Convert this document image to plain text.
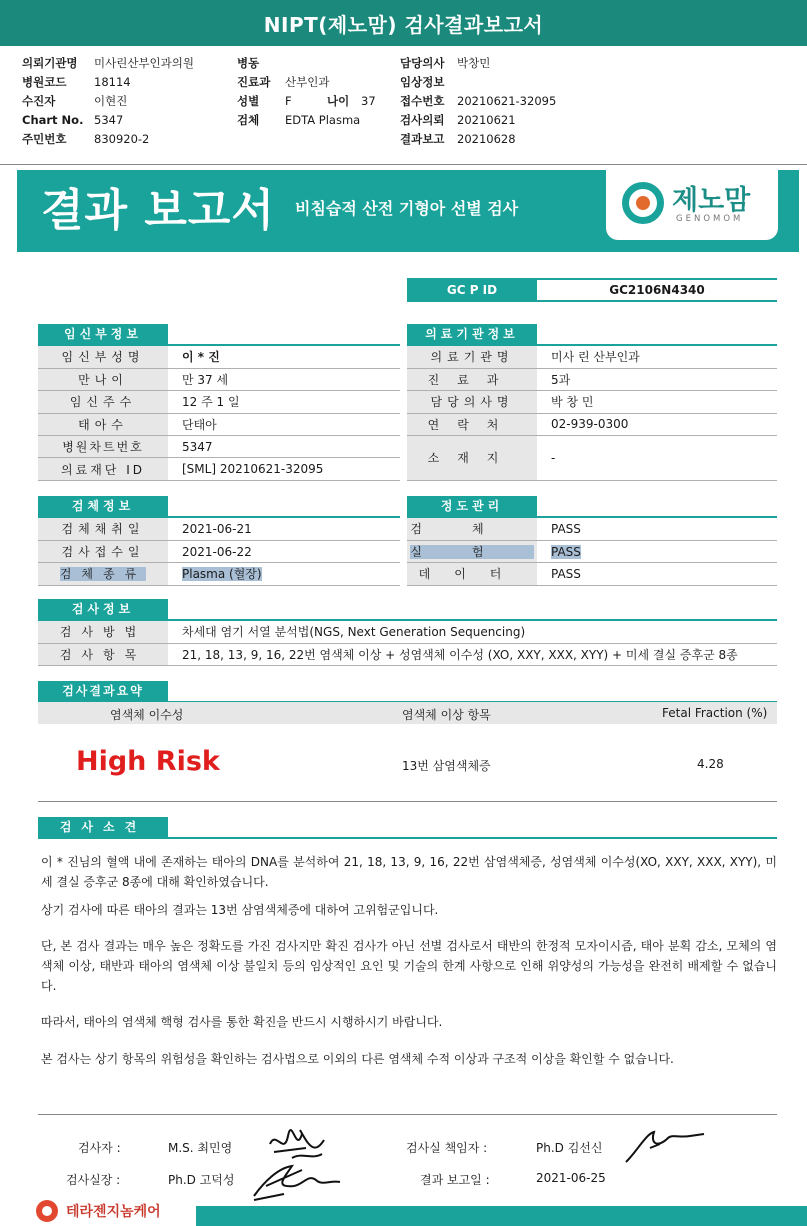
NIPT(제노맘) 검사결과보고서
의뢰기관명 미사린산부인과의원
병원코드 18114
수진자	이현진
Chart No. 5347
주민번호 830920-2
병동
진료과 산부인과
성별 F	나이 37
검체 EDTA Plasma
담당의사 박창민
임상정보
접수번호 20210621-32095
검사의뢰 20210621
결과보고 20210628
결과 보고서 비침습적 산전 기형아 선별 검사	제노맘
GENOMOM
GC P ID	GC2106N4340
임신부정보
임신부성명	이 * 진
만나이	만 37 세
임신주수	12 주 1 일
태아수	단태아
병원차트번호	5347
의료재단 ID	[SML] 20210621-32095
의료기관정보
의료기관명	미사 린 산부인과
진료과	5과
담당의사명	박 창 민
연락처	02-939-0300
소재지	-
검체정보
검체채취일	2021-06-21
검사접수일	2021-06-22
검체종류	Plasma (혈장)
정도관리
검체	PASS
실험	PASS
데이터	PASS
검사정보
검사방법	차세대 염기 서열 분석법(NGS, Next Generation Sequencing)
검사항목	21, 18, 13, 9, 16, 22번 염색체 이상 + 성염색체 이수성 (XO, XXY, XXX, XYY) + 미세 결실 증후군 8종
검사결과요약
염색체 이수성	염색체 이상 항목	Fetal Fraction (%)
High Risk	13번 삼염색체증	4.28
검사소견
이 * 진님의 혈액 내에 존재하는 태아의 DNA를 분석하여 21, 18, 13, 9, 16, 22번 삼염색체증, 성염색체 이수성(XO, XXY, XXX, XYY), 미세 결실 증후군 8종에 대해 확인하였습니다.
상기 검사에 따른 태아의 결과는 13번 삼염색체증에 대하여 고위험군입니다.
단, 본 검사 결과는 매우 높은 정확도를 가진 검사지만 확진 검사가 아닌 선별 검사로서 태반의 한정적 모자이시즘, 태아 분획 감소, 모체의 염색체 이상, 태반과 태아의 염색체 이상 불일치 등의 임상적인 요인 및 기술의 한계 사항으로 인해 위양성의 가능성을 완전히 배제할 수 없습니다.
따라서, 태아의 염색체 핵형 검사를 통한 확진을 반드시 시행하시기 바랍니다.
본 검사는 상기 항목의 위험성을 확인하는 검사법으로 이외의 다른 염색체 수적 이상과 구조적 이상을 확인할 수 없습니다.
검사자 :	M.S. 최민영	검사실 책임자 :	Ph.D 김선신
검사실장 :	Ph.D 고덕성	결과 보고일 :	2021-06-25
테라젠지놈케어
